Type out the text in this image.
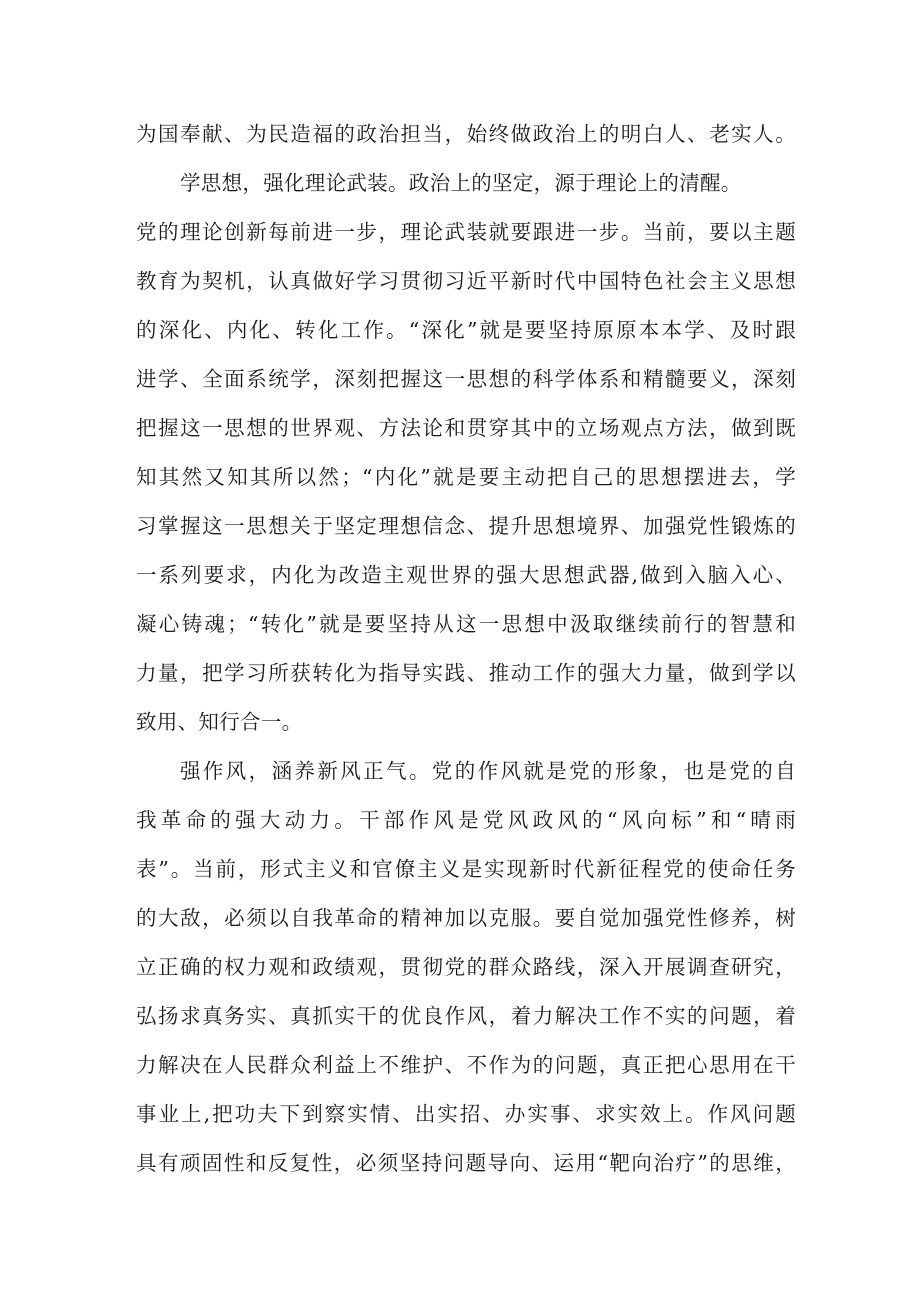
为国奉献、为民造福的政治担当，始终做政治上的明白人、老实人。
学思想，强化理论武装。政治上的坚定，源于理论上的清醒。
党的理论创新每前进一步，理论武装就要跟进一步。当前，要以主题
教育为契机，认真做好学习贯彻习近平新时代中国特色社会主义思想
的深化、内化、转化工作。“深化”就是要坚持原原本本学、及时跟
进学、全面系统学，深刻把握这一思想的科学体系和精髓要义，深刻
把握这一思想的世界观、方法论和贯穿其中的立场观点方法，做到既
知其然又知其所以然；“内化”就是要主动把自己的思想摆进去，学
习掌握这一思想关于坚定理想信念、提升思想境界、加强党性锻炼的
一系列要求，内化为改造主观世界的强大思想武器,做到入脑入心、
凝心铸魂；“转化”就是要坚持从这一思想中汲取继续前行的智慧和
力量，把学习所获转化为指导实践、推动工作的强大力量，做到学以
致用、知行合一。
强作风，涵养新风正气。党的作风就是党的形象，也是党的自
我革命的强大动力。干部作风是党风政风的“风向标”和“晴雨
表”。当前，形式主义和官僚主义是实现新时代新征程党的使命任务
的大敌，必须以自我革命的精神加以克服。要自觉加强党性修养，树
立正确的权力观和政绩观，贯彻党的群众路线，深入开展调查研究，
弘扬求真务实、真抓实干的优良作风，着力解决工作不实的问题，着
力解决在人民群众利益上不维护、不作为的问题，真正把心思用在干
事业上,把功夫下到察实情、出实招、办实事、求实效上。作风问题
具有顽固性和反复性，必须坚持问题导向、运用“靶向治疗”的思维，
